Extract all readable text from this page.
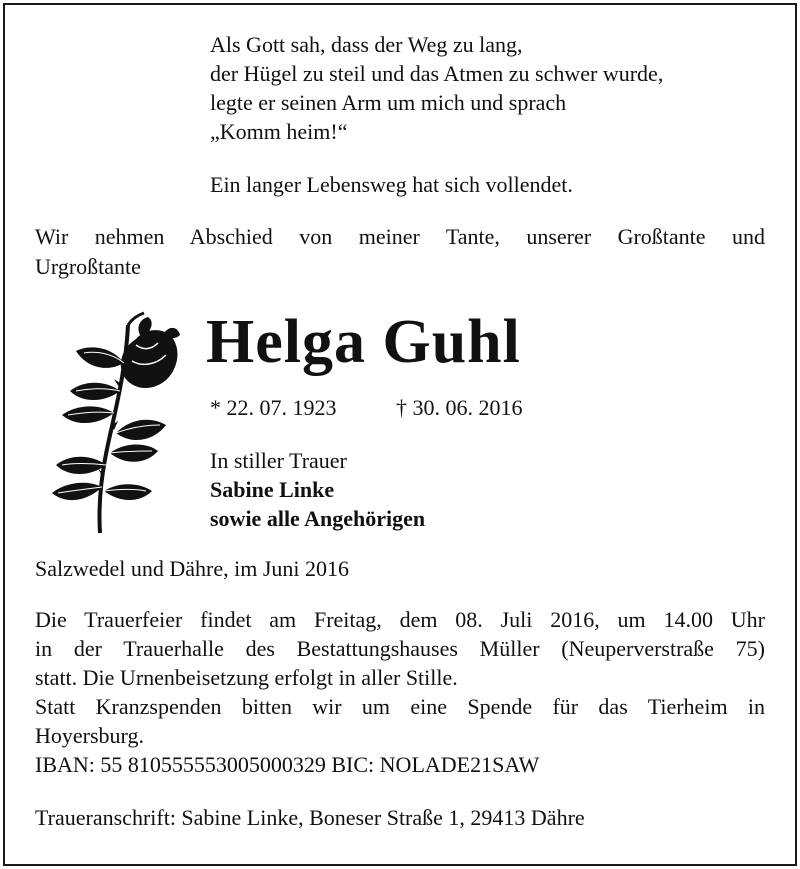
Als Gott sah, dass der Weg zu lang,
der Hügel zu steil und das Atmen zu schwer wurde,
legte er seinen Arm um mich und sprach
„Komm heim!“
Ein langer Lebensweg hat sich vollendet.
Wir nehmen Abschied von meiner Tante, unserer Großtante und
Urgroßtante
Helga Guhl
* 22. 07. 1923	† 30. 06. 2016
In stiller Trauer
Sabine Linke
sowie alle Angehörigen
Salzwedel und Dähre, im Juni 2016
Die Trauerfeier findet am Freitag, dem 08. Juli 2016, um 14.00 Uhr
in der Trauerhalle des Bestattungshauses Müller (Neuperverstraße 75)
statt. Die Urnenbeisetzung erfolgt in aller Stille.
Statt Kranzspenden bitten wir um eine Spende für das Tierheim in
Hoyersburg.
IBAN: 55 810555553005000329 BIC: NOLADE21SAW
Traueranschrift: Sabine Linke, Boneser Straße 1, 29413 Dähre
